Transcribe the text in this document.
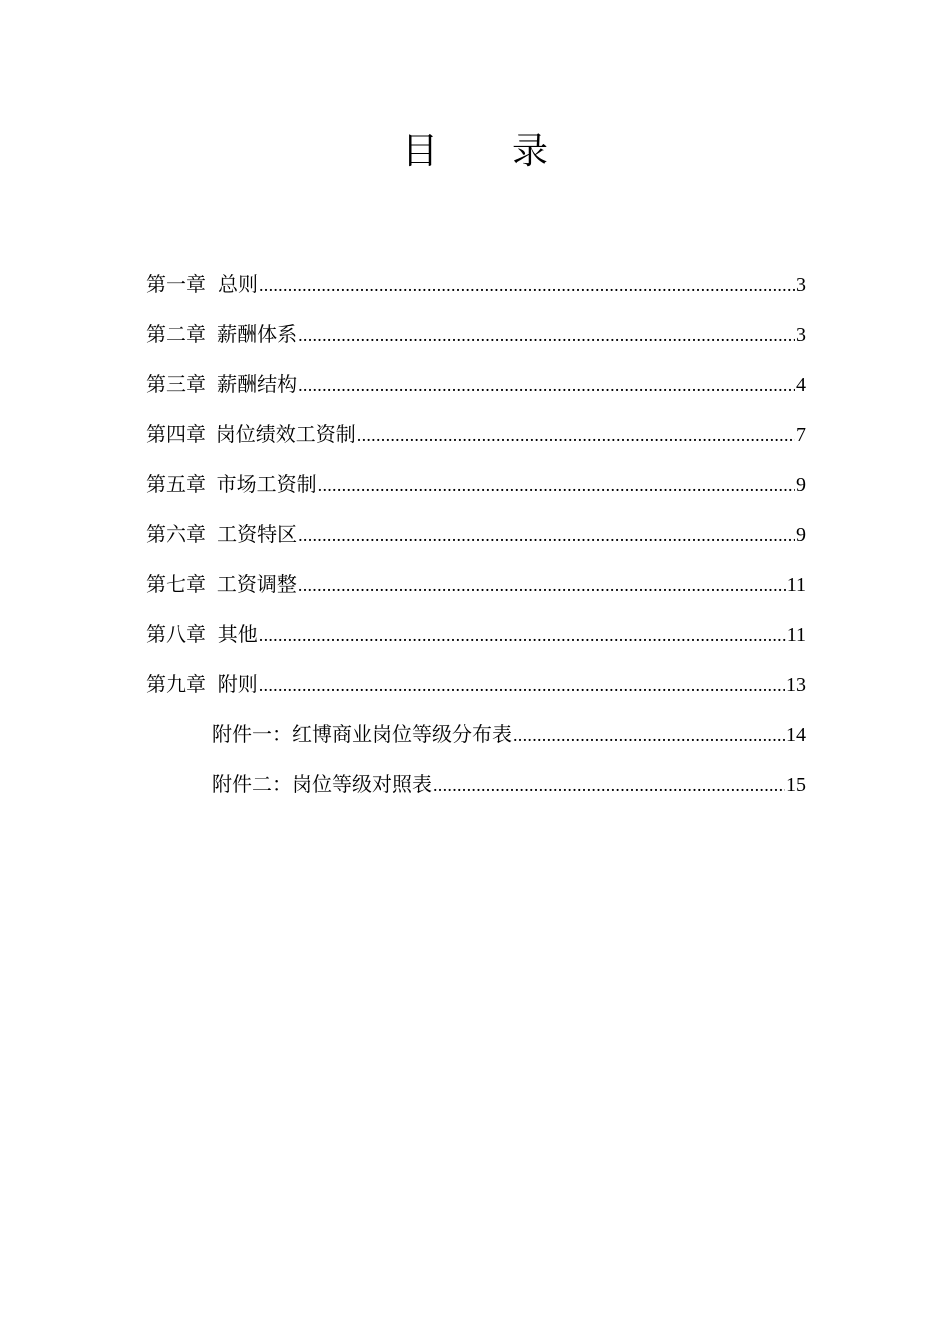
目 录
第一章 总则 .....	3
第二章 薪酬体系 .....	3
第三章 薪酬结构 .....	4
第四章 岗位绩效工资制 .....	7
第五章 市场工资制 .....	9
第六章 工资特区 .....	9
第七章 工资调整 .....	11
第八章 其他 .....	11
第九章 附则 .....	13
附件一：红博商业岗位等级分布表 .....	14
附件二：岗位等级对照表 .....	15
